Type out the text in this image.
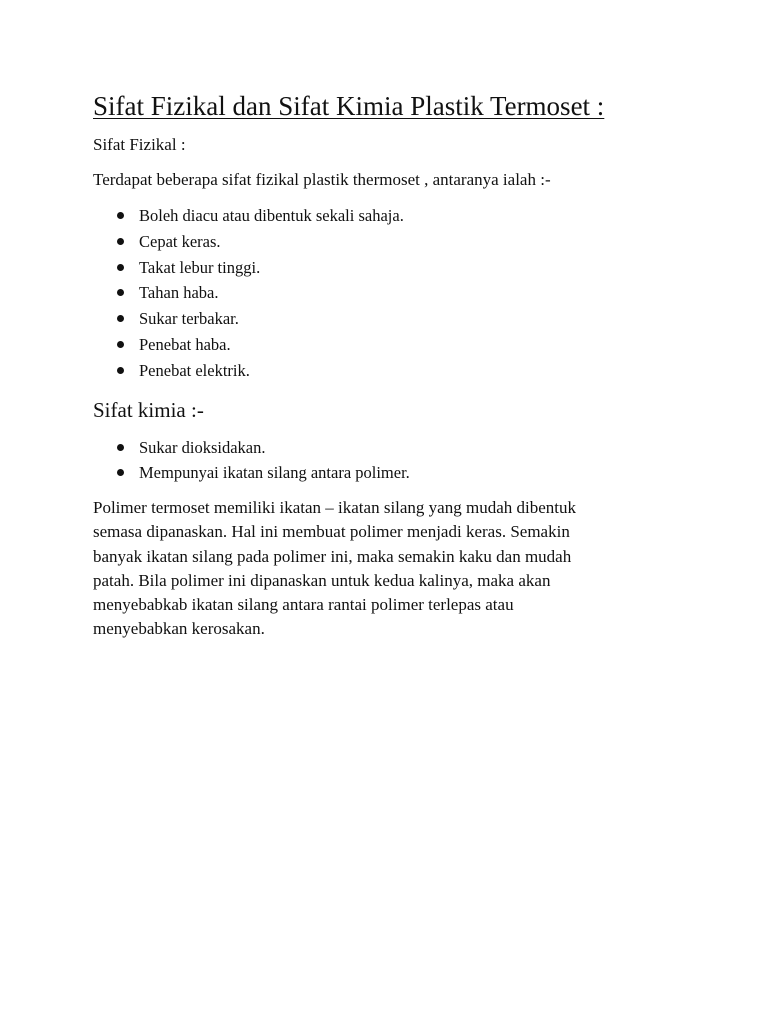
Sifat Fizikal dan Sifat Kimia Plastik Termoset :

Sifat Fizikal :

Terdapat beberapa sifat fizikal plastik thermoset , antaranya ialah :-

Boleh diacu atau dibentuk sekali sahaja.
Cepat keras.
Takat lebur tinggi.
Tahan haba.
Sukar terbakar.
Penebat haba.
Penebat elektrik.
Sifat kimia :-
Sukar dioksidakan.
Mempunyai ikatan silang antara polimer.

Polimer termoset memiliki ikatan – ikatan silang yang mudah dibentuk
semasa dipanaskan. Hal ini membuat polimer menjadi keras. Semakin
banyak ikatan silang pada polimer ini, maka semakin kaku dan mudah
patah. Bila polimer ini dipanaskan untuk kedua kalinya, maka akan
menyebabkab ikatan silang antara rantai polimer terlepas atau
menyebabkan kerosakan.
